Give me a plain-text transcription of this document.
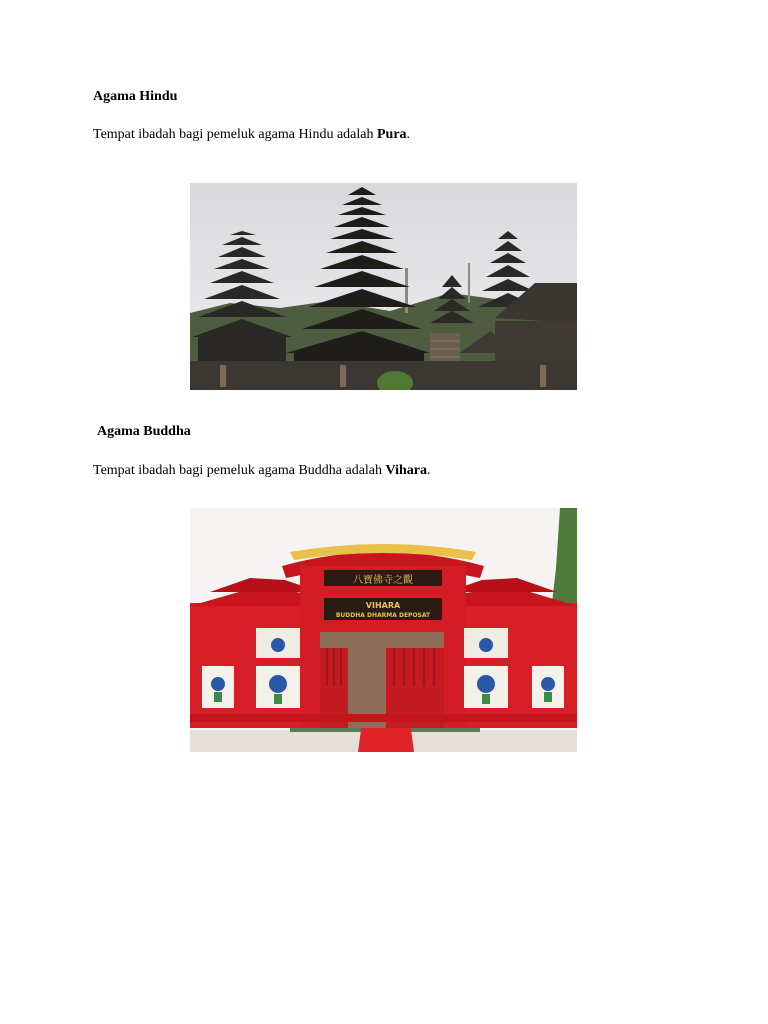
Agama Hindu
Tempat ibadah bagi pemeluk agama Hindu adalah Pura.
Agama Buddha
Tempat ibadah bagi pemeluk agama Buddha adalah Vihara.
八寶佛寺之觀
VIHARA
BUDDHA DHARMA DEPOSAT
